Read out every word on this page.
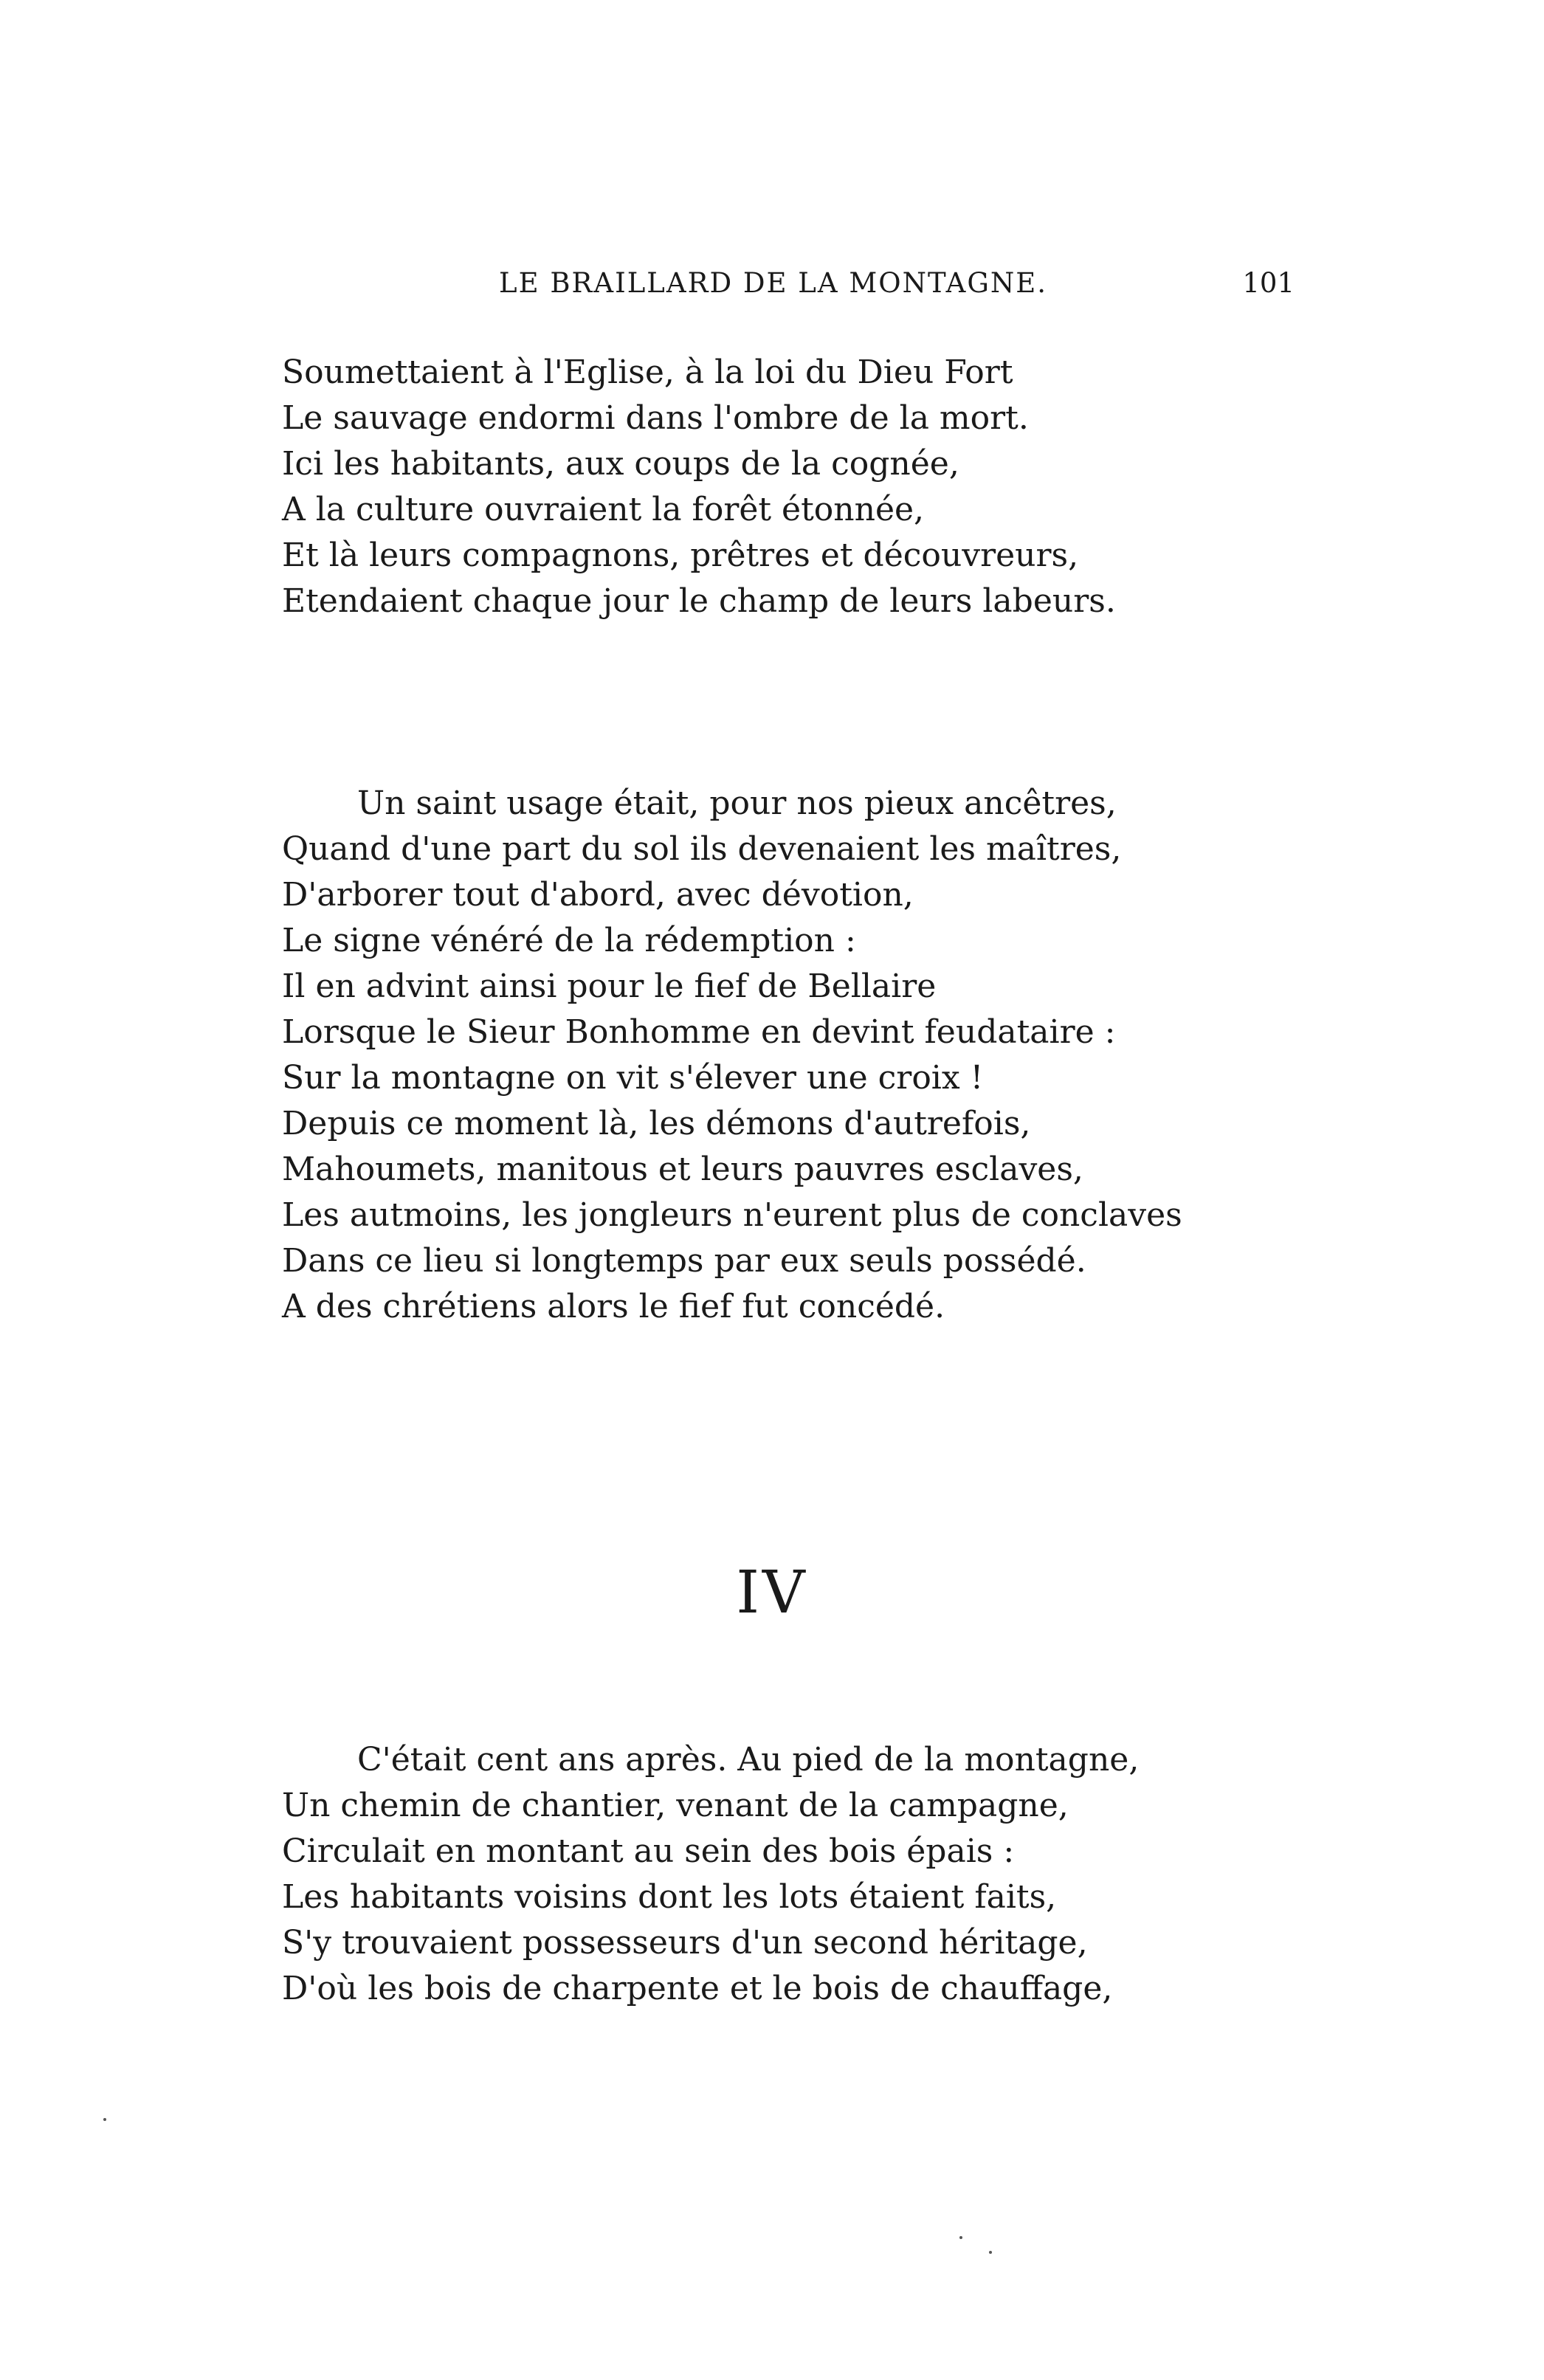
LE BRAILLARD DE LA MONTAGNE.	101
Soumettaient à l'Eglise, à la loi du Dieu Fort
Le sauvage endormi dans l'ombre de la mort.
Ici les habitants, aux coups de la cognée,
A la culture ouvraient la forêt étonnée,
Et là leurs compagnons, prêtres et découvreurs,
Etendaient chaque jour le champ de leurs labeurs.
Un saint usage était, pour nos pieux ancêtres,
Quand d'une part du sol ils devenaient les maîtres,
D'arborer tout d'abord, avec dévotion,
Le signe vénéré de la rédemption :
Il en advint ainsi pour le fief de Bellaire
Lorsque le Sieur Bonhomme en devint feudataire :
Sur la montagne on vit s'élever une croix !
Depuis ce moment là, les démons d'autrefois,
Mahoumets, manitous et leurs pauvres esclaves,
Les autmoins, les jongleurs n'eurent plus de conclaves
Dans ce lieu si longtemps par eux seuls possédé.
A des chrétiens alors le fief fut concédé.
IV
C'était cent ans après. Au pied de la montagne,
Un chemin de chantier, venant de la campagne,
Circulait en montant au sein des bois épais :
Les habitants voisins dont les lots étaient faits,
S'y trouvaient possesseurs d'un second héritage,
D'où les bois de charpente et le bois de chauffage,
